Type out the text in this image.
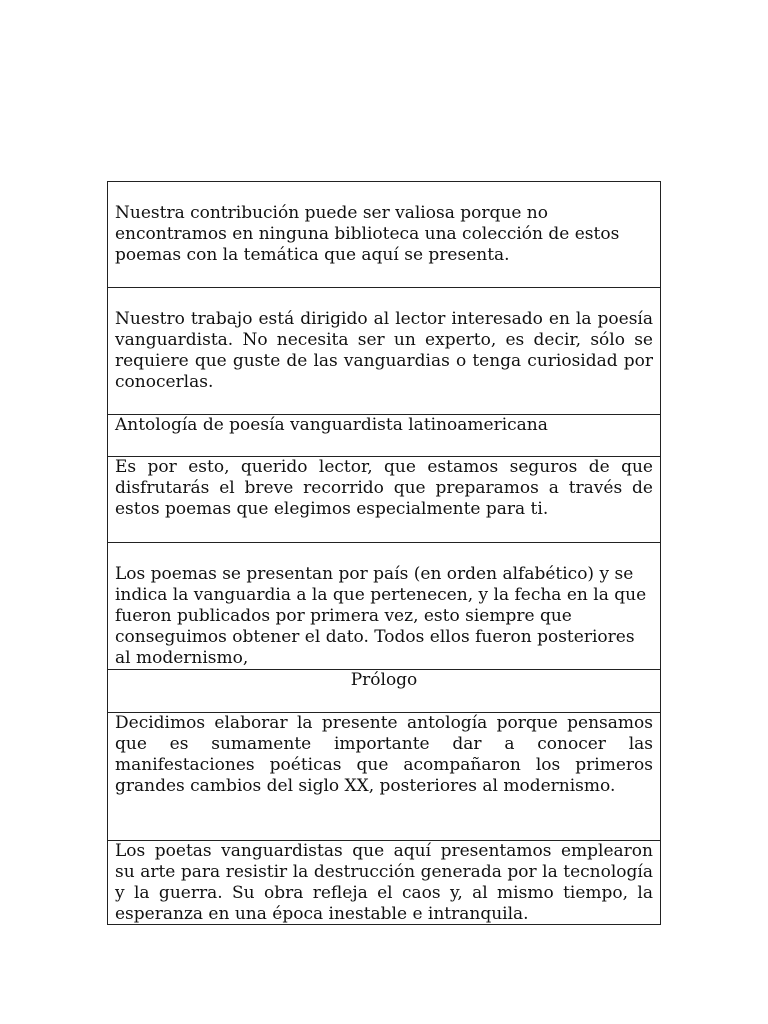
Nuestra contribución puede ser valiosa porque no encontramos en ninguna biblioteca una colección de estos poemas con la temática que aquí se presenta.
Nuestro trabajo está dirigido al lector interesado en la poesía vanguardista. No necesita ser un experto, es decir, sólo se requiere que guste de las vanguardias o tenga curiosidad por conocerlas.
Antología de poesía vanguardista latinoamericana
Es por esto, querido lector, que estamos seguros de que disfrutarás el breve recorrido que preparamos a través de estos poemas que elegimos especialmente para ti.
Los poemas se presentan por país (en orden alfabético) y se indica la vanguardia a la que pertenecen, y la fecha en la que fueron publicados por primera vez, esto siempre que conseguimos obtener el dato. Todos ellos fueron posteriores al modernismo,
Prólogo
Decidimos elaborar la presente antología porque pensamos que es sumamente importante dar a conocer las manifestaciones poéticas que acompañaron los primeros grandes cambios del siglo XX, posteriores al modernismo.
Los poetas vanguardistas que aquí presentamos emplearon su arte para resistir la destrucción generada por la tecnología y la guerra. Su obra refleja el caos y, al mismo tiempo, la esperanza en una época inestable e intranquila.
